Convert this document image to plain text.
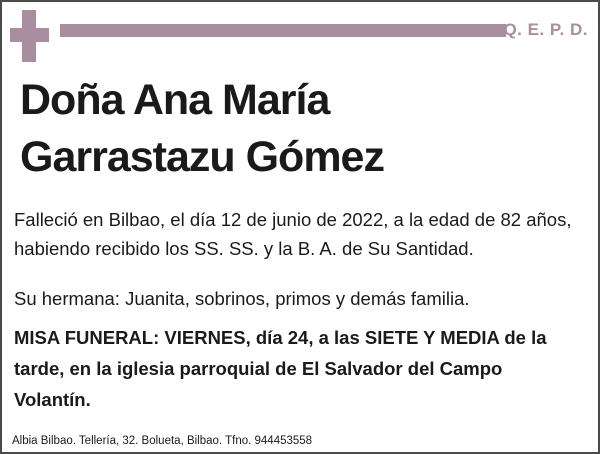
Q. E. P. D.
Doña Ana María
Garrastazu Gómez

Falleció en Bilbao, el día 12 de junio de 2022, a la edad de 82 años, habiendo recibido los SS. SS. y la B. A. de Su Santidad.

Su hermana: Juanita, sobrinos, primos y demás familia.

MISA FUNERAL: VIERNES, día 24, a las SIETE Y MEDIA de la tarde, en la iglesia parroquial de El Salvador del Campo Volantín.

Albia Bilbao. Tellería, 32. Bolueta, Bilbao. Tfno. 944453558
